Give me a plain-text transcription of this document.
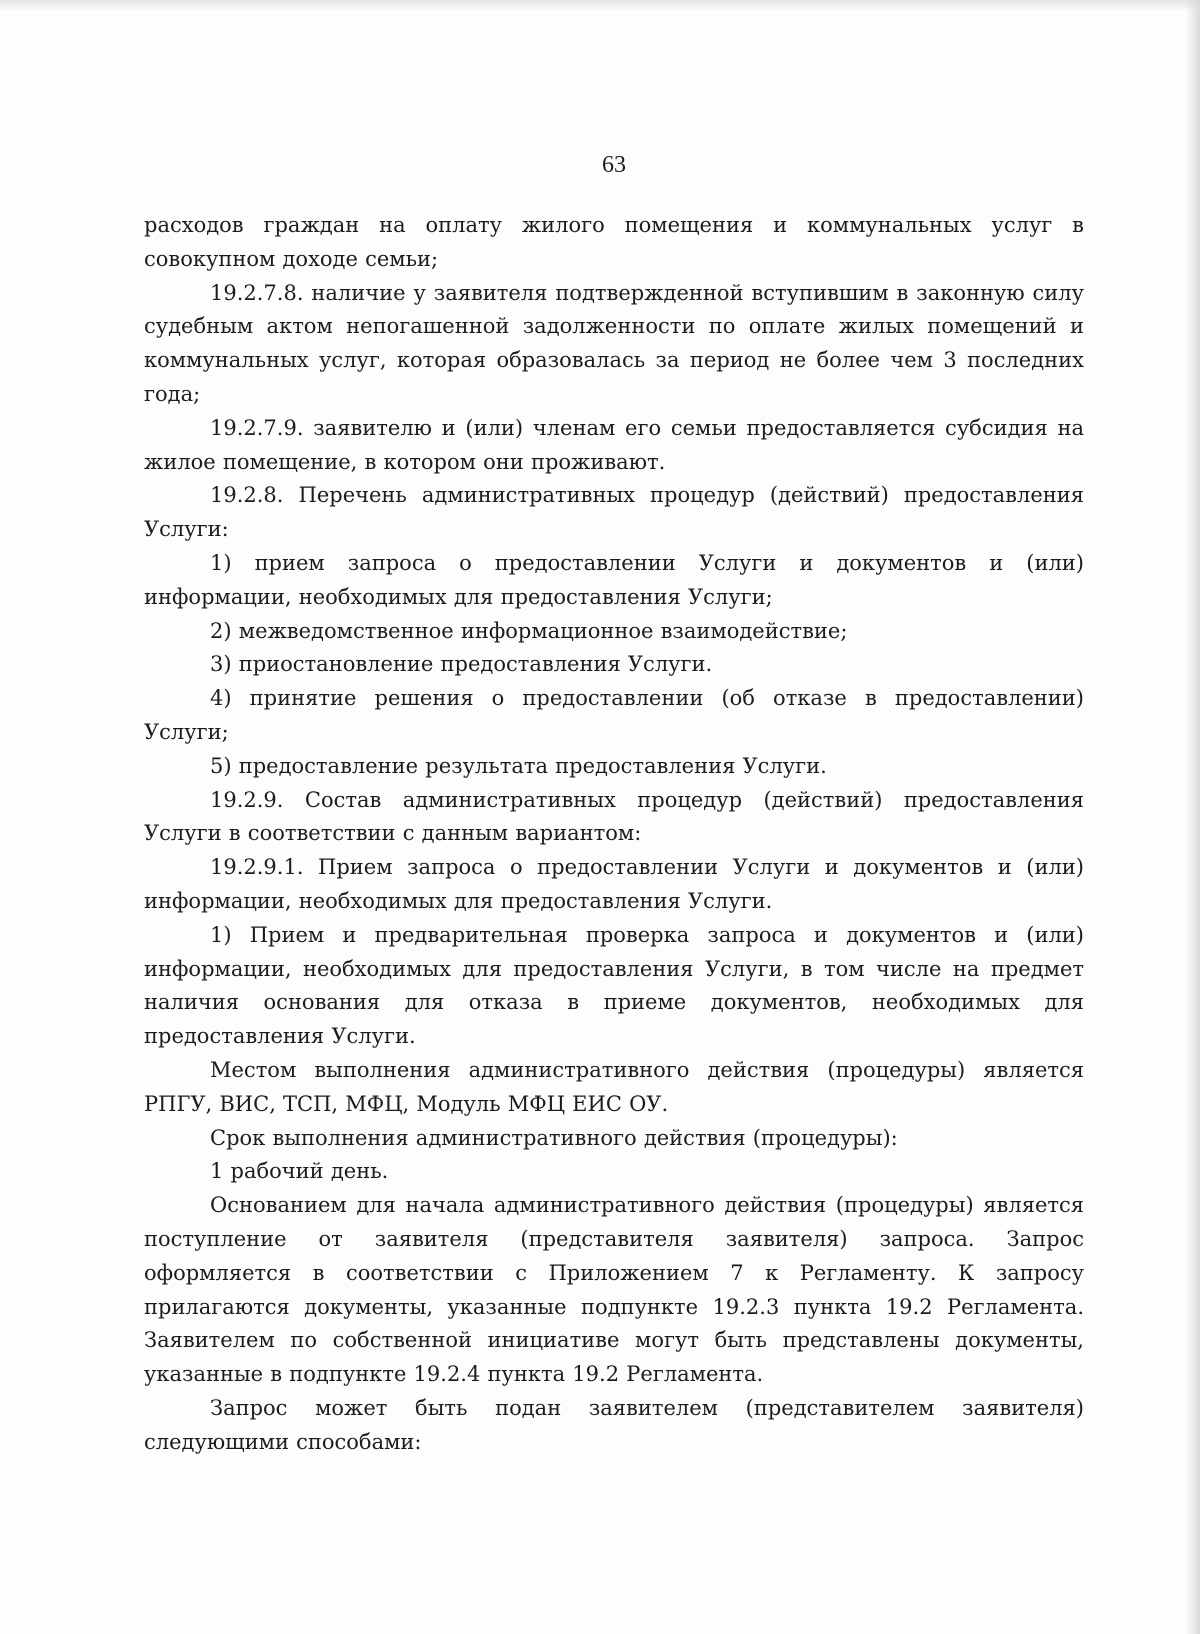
63

расходов граждан на оплату жилого помещения и коммунальных услуг в совокупном доходе семьи;

19.2.7.8. наличие у заявителя подтвержденной вступившим в законную силу судебным актом непогашенной задолженности по оплате жилых помещений и коммунальных услуг, которая образовалась за период не более чем 3 последних года;

19.2.7.9. заявителю и (или) членам его семьи предоставляется субсидия на жилое помещение, в котором они проживают.

19.2.8. Перечень административных процедур (действий) предоставления Услуги:

1) прием запроса о предоставлении Услуги и документов и (или) информации, необходимых для предоставления Услуги;

2) межведомственное информационное взаимодействие;

3) приостановление предоставления Услуги.

4) принятие решения о предоставлении (об отказе в предоставлении) Услуги;

5) предоставление результата предоставления Услуги.

19.2.9. Состав административных процедур (действий) предоставления Услуги в соответствии с данным вариантом:

19.2.9.1. Прием запроса о предоставлении Услуги и документов и (или) информации, необходимых для предоставления Услуги.

1) Прием и предварительная проверка запроса и документов и (или) информации, необходимых для предоставления Услуги, в том числе на предмет наличия основания для отказа в приеме документов, необходимых для предоставления Услуги.

Местом выполнения административного действия (процедуры) является РПГУ, ВИС, ТСП, МФЦ, Модуль МФЦ ЕИС ОУ.

Срок выполнения административного действия (процедуры):

1 рабочий день.

Основанием для начала административного действия (процедуры) является поступление от заявителя (представителя заявителя) запроса. Запрос оформляется в соответствии с Приложением 7 к Регламенту. К запросу прилагаются документы, указанные подпункте 19.2.3 пункта 19.2 Регламента. Заявителем по собственной инициативе могут быть представлены документы, указанные в подпункте 19.2.4 пункта 19.2 Регламента.

Запрос может быть подан заявителем (представителем заявителя) следующими способами:
